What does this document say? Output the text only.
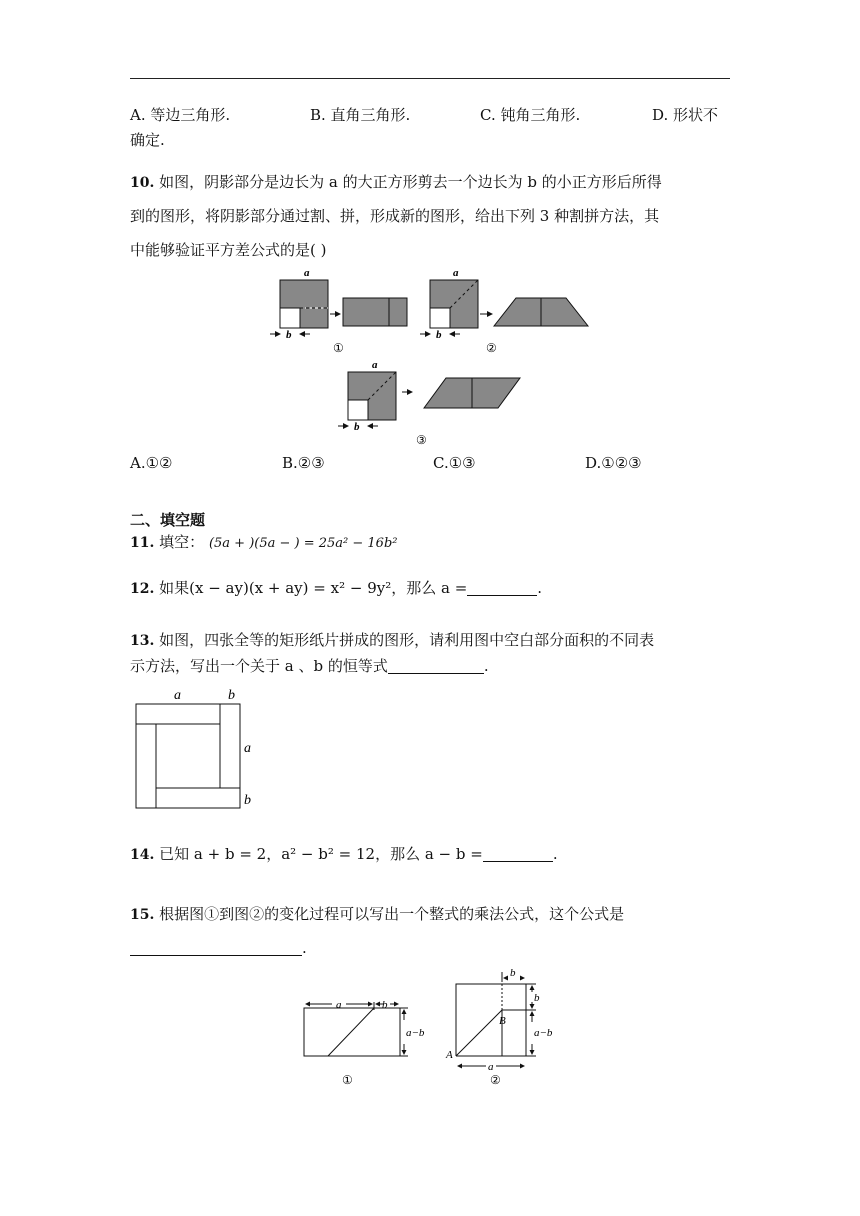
A. 等边三角形.	B. 直角三角形.	C. 钝角三角形.	D. 形状不
确定.
10. 如图，阴影部分是边长为 a 的大正方形剪去一个边长为 b 的小正方形后所得
到的图形，将阴影部分通过割、拼，形成新的图形，给出下列 3 种割拼方法，其
中能够验证平方差公式的是( )
a
b
①
a
b
②
a
b
③
A.①②	B.②③	C.①③	D.①②③
二、填空题
11. 填空： (5a + )(5a − ) = 25a² − 16b²
12. 如果(x − ay)(x + ay) = x² − 9y²，那么 a =	.
13. 如图，四张全等的矩形纸片拼成的图形，请利用图中空白部分面积的不同表
示方法，写出一个关于 a 、b 的恒等式	.
a	b
a
b
14. 已知 a + b = 2，a² − b² = 12，那么 a − b =	.
15. 根据图①到图②的变化过程可以写出一个整式的乘法公式，这个公式是
.
a	b
a−b
①
b
b
a−b
a
A
B
②
